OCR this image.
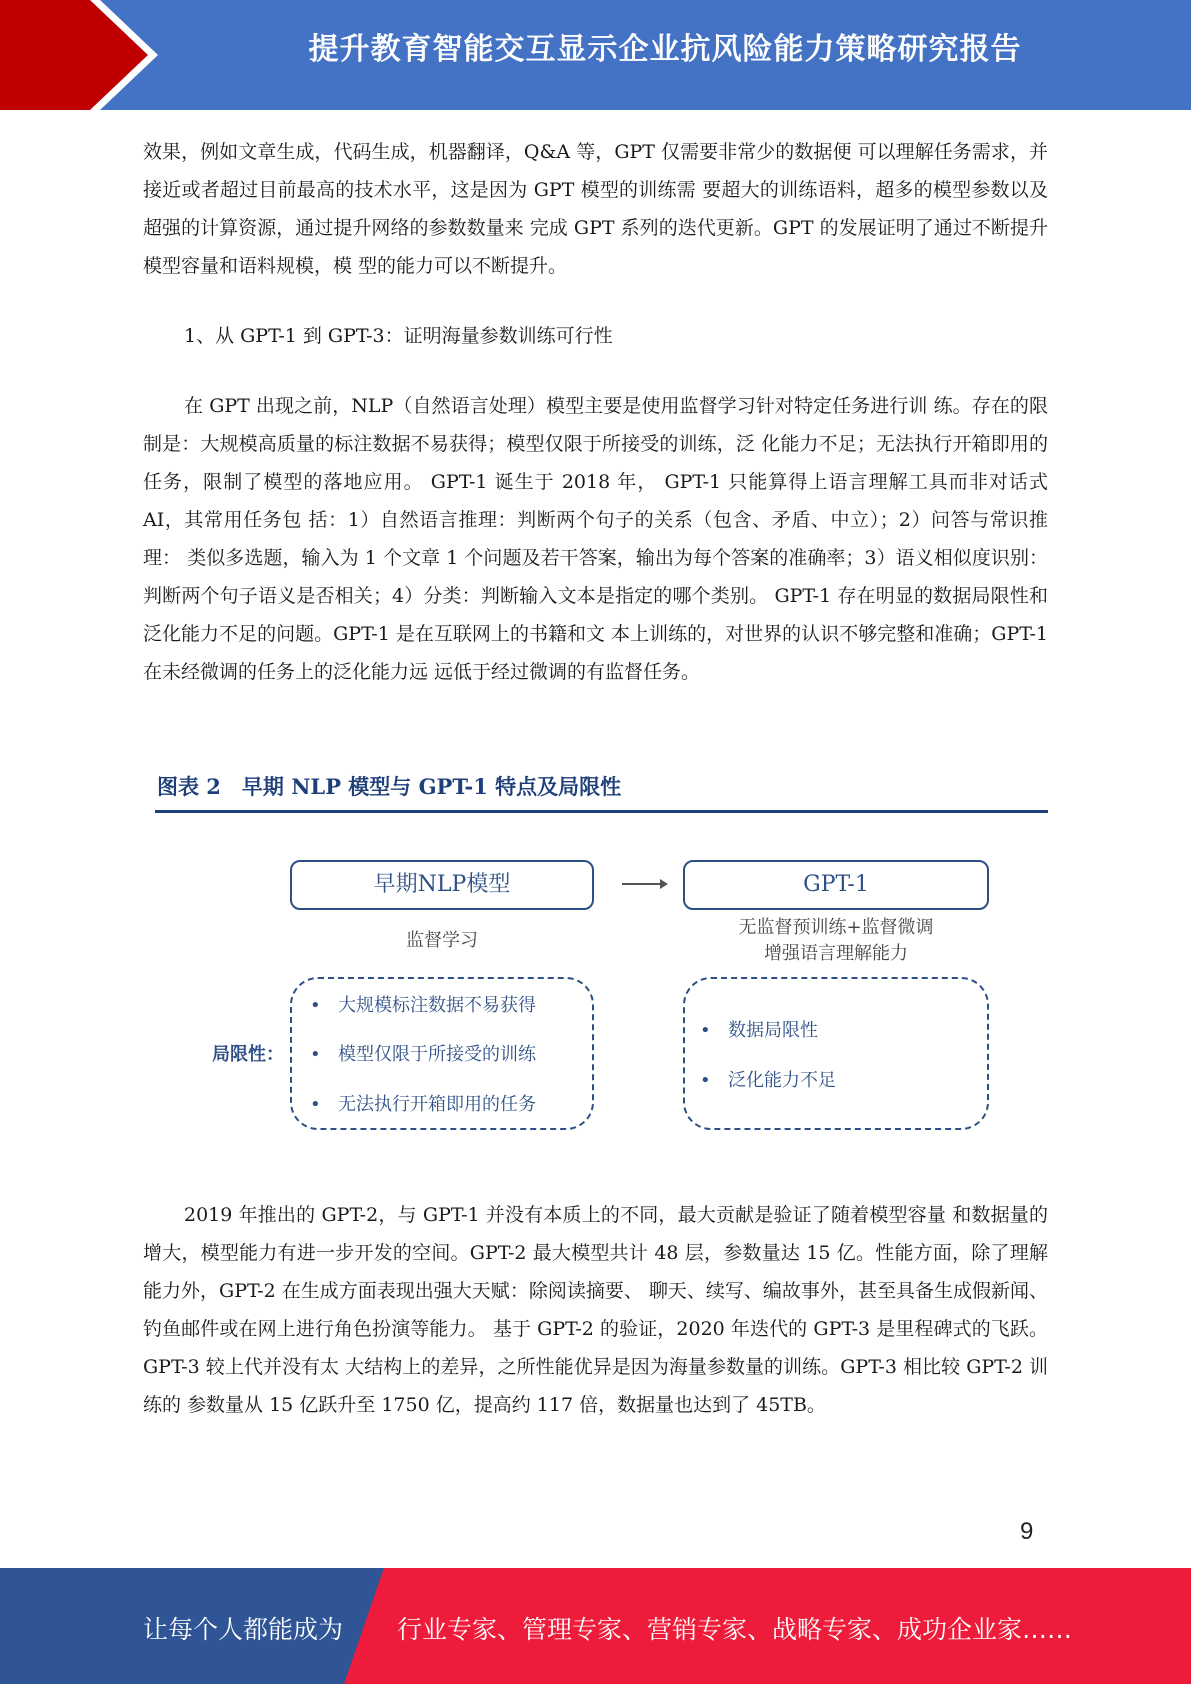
提升教育智能交互显示企业抗风险能力策略研究报告

效果，例如文章生成，代码生成，机器翻译，Q&A 等，GPT 仅需要非常少的数据便 可以理解任务需求，并接近或者超过目前最高的技术水平，这是因为 GPT 模型的训练需 要超大的训练语料，超多的模型参数以及超强的计算资源，通过提升网络的参数数量来 完成 GPT 系列的迭代更新。GPT 的发展证明了通过不断提升模型容量和语料规模，模 型的能力可以不断提升。

1、从 GPT-1 到 GPT-3：证明海量参数训练可行性

在 GPT 出现之前，NLP（自然语言处理）模型主要是使用监督学习针对特定任务进行训 练。存在的限制是：大规模高质量的标注数据不易获得；模型仅限于所接受的训练，泛 化能力不足；无法执行开箱即用的任务，限制了模型的落地应用。 GPT-1 诞生于 2018 年， GPT-1 只能算得上语言理解工具而非对话式 AI，其常用任务包 括：1）自然语言推理：判断两个句子的关系（包含、矛盾、中立）；2）问答与常识推理： 类似多选题，输入为 1 个文章 1 个问题及若干答案，输出为每个答案的准确率；3）语义相似度识别：判断两个句子语义是否相关；4）分类：判断输入文本是指定的哪个类别。 GPT-1 存在明显的数据局限性和泛化能力不足的问题。GPT-1 是在互联网上的书籍和文 本上训练的，对世界的认识不够完整和准确；GPT-1 在未经微调的任务上的泛化能力远 远低于经过微调的有监督任务。

图表 2　早期 NLP 模型与 GPT-1 特点及局限性
早期NLP模型	GPT-1
监督学习
无监督预训练+监督微调
增强语言理解能力
局限性：
• 大规模标注数据不易获得
• 模型仅限于所接受的训练
• 无法执行开箱即用的任务
• 数据局限性
• 泛化能力不足

2019 年推出的 GPT-2，与 GPT-1 并没有本质上的不同，最大贡献是验证了随着模型容量 和数据量的增大，模型能力有进一步开发的空间。GPT-2 最大模型共计 48 层，参数量达 15 亿。性能方面，除了理解能力外，GPT-2 在生成方面表现出强大天赋：除阅读摘要、 聊天、续写、编故事外，甚至具备生成假新闻、钓鱼邮件或在网上进行角色扮演等能力。 基于 GPT-2 的验证，2020 年迭代的 GPT-3 是里程碑式的飞跃。GPT-3 较上代并没有太 大结构上的差异，之所性能优异是因为海量参数量的训练。GPT-3 相比较 GPT-2 训练的 参数量从 15 亿跃升至 1750 亿，提高约 117 倍，数据量也达到了 45TB。

9
让每个人都能成为 行业专家、管理专家、营销专家、战略专家、成功企业家……
